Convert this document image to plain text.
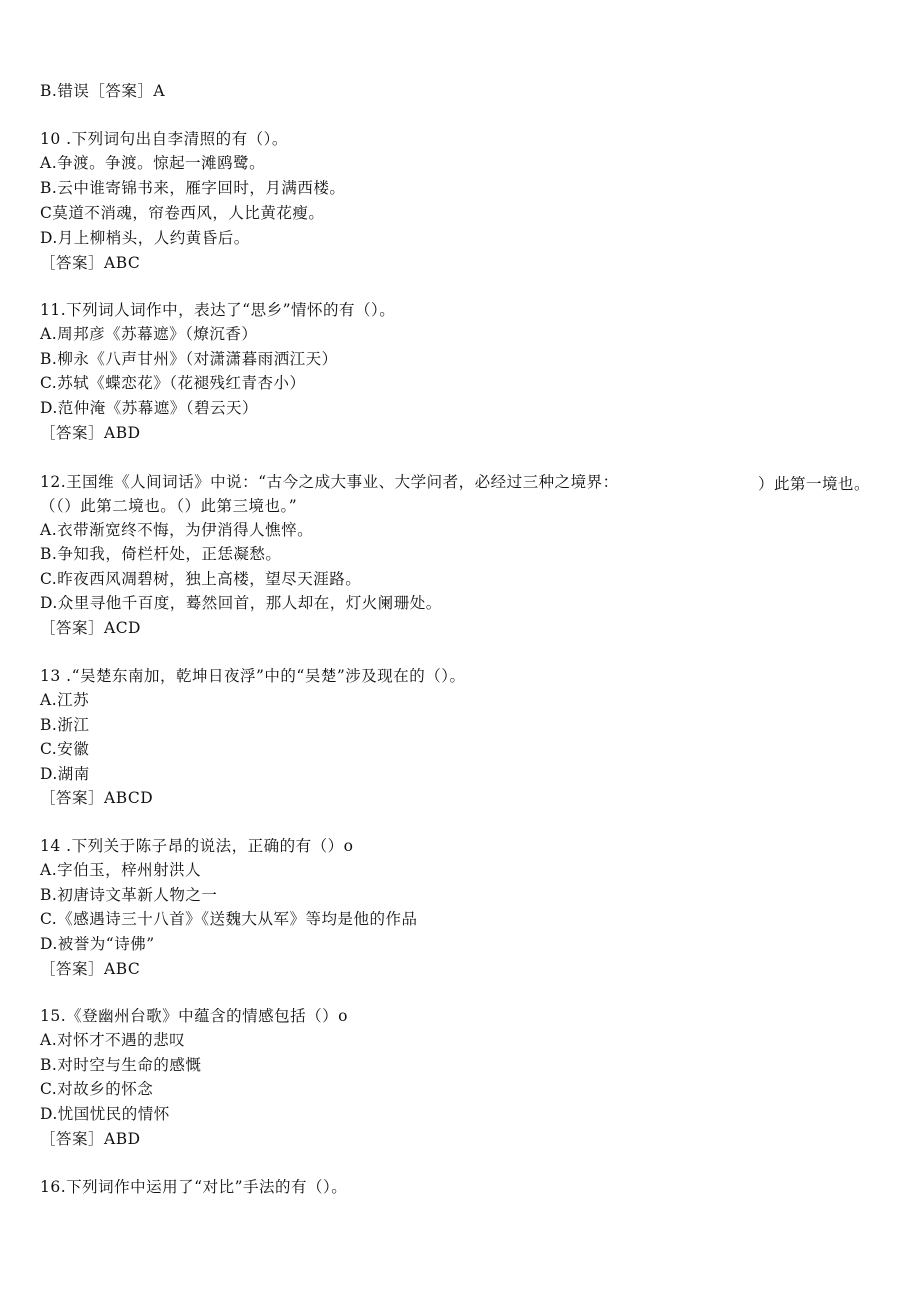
B.错误［答案］A
10 .下列词句出自李清照的有（）。
A.争渡。争渡。惊起一滩鸥鹭。
B.云中谁寄锦书来，雁字回时，月满西楼。
C莫道不消魂，帘卷西风，人比黄花瘦。
D.月上柳梢头，人约黄昏后。
［答案］ABC
11.下列词人词作中，表达了“思乡”情怀的有（）。
A.周邦彦《苏幕遮》（燎沉香）
B.柳永《八声甘州》（对潇潇暮雨洒江天）
C.苏轼《蝶恋花》（花褪残红青杏小）
D.范仲淹《苏幕遮》（碧云天）
［答案］ABD
12.王国维《人间词话》中说：“古今之成大事业、大学问者，必经过三种之境界：	）此第一境也。
（（）此第二境也。（）此第三境也。”
A.衣带渐宽终不悔，为伊消得人憔悴。
B.争知我，倚栏杆处，正恁凝愁。
C.昨夜西风凋碧树，独上高楼，望尽天涯路。
D.众里寻他千百度，蓦然回首，那人却在，灯火阑珊处。
［答案］ACD
13 .“吴楚东南加，乾坤日夜浮”中的“吴楚”涉及现在的（）。
A.江苏
B.浙江
C.安徽
D.湖南
［答案］ABCD
14 .下列关于陈子昂的说法，正确的有（）o
A.字伯玉，梓州射洪人
B.初唐诗文革新人物之一
C.《感遇诗三十八首》《送魏大从军》等均是他的作品
D.被誉为“诗佛”
［答案］ABC
15.《登幽州台歌》中蕴含的情感包括（）o
A.对怀才不遇的悲叹
B.对时空与生命的感慨
C.对故乡的怀念
D.忧国忧民的情怀
［答案］ABD
16.下列词作中运用了“对比”手法的有（）。
